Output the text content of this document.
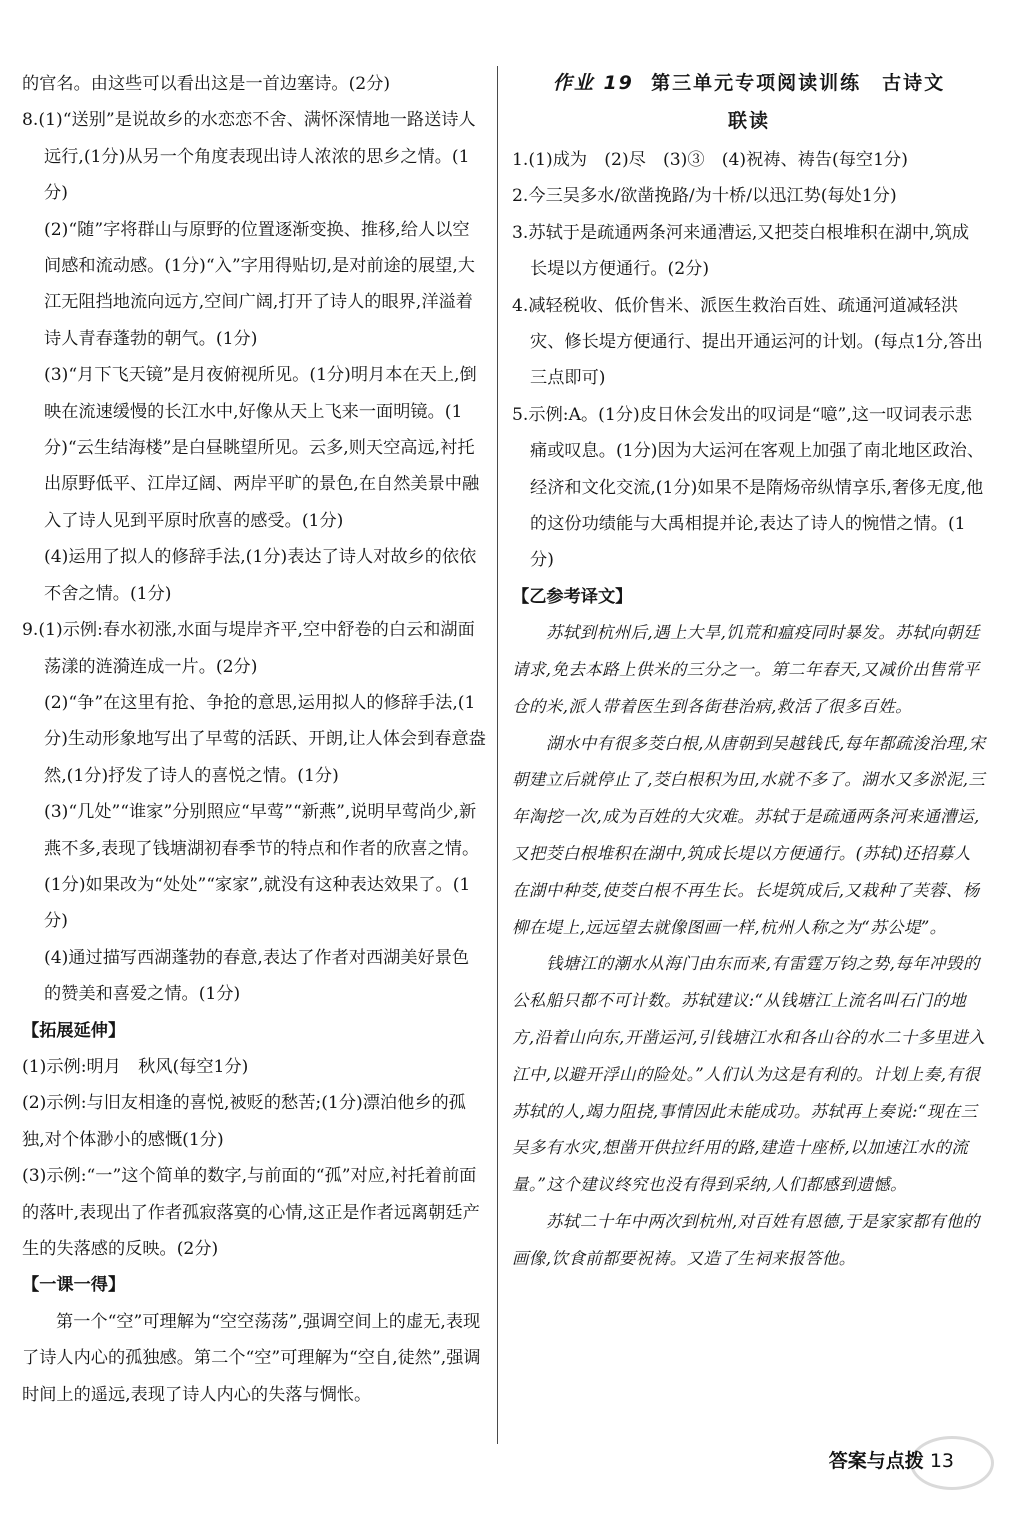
的官名。由这些可以看出这是一首边塞诗。(2分)

8.(1)“送别”是说故乡的水恋恋不舍、满怀深情地一路送诗人远行,(1分)从另一个角度表现出诗人浓浓的思乡之情。(1分)

(2)“随”字将群山与原野的位置逐渐变换、推移,给人以空间感和流动感。(1分)“入”字用得贴切,是对前途的展望,大江无阻挡地流向远方,空间广阔,打开了诗人的眼界,洋溢着诗人青春蓬勃的朝气。(1分)

(3)“月下飞天镜”是月夜俯视所见。(1分)明月本在天上,倒映在流速缓慢的长江水中,好像从天上飞来一面明镜。(1分)“云生结海楼”是白昼眺望所见。云多,则天空高远,衬托出原野低平、江岸辽阔、两岸平旷的景色,在自然美景中融入了诗人见到平原时欣喜的感受。(1分)

(4)运用了拟人的修辞手法,(1分)表达了诗人对故乡的依依不舍之情。(1分)

9.(1)示例:春水初涨,水面与堤岸齐平,空中舒卷的白云和湖面荡漾的涟漪连成一片。(2分)

(2)“争”在这里有抢、争抢的意思,运用拟人的修辞手法,(1分)生动形象地写出了早莺的活跃、开朗,让人体会到春意盎然,(1分)抒发了诗人的喜悦之情。(1分)

(3)“几处”“谁家”分别照应“早莺”“新燕”,说明早莺尚少,新燕不多,表现了钱塘湖初春季节的特点和作者的欣喜之情。(1分)如果改为“处处”“家家”,就没有这种表达效果了。(1分)

(4)通过描写西湖蓬勃的春意,表达了作者对西湖美好景色的赞美和喜爱之情。(1分)

【拓展延伸】

(1)示例:明月　秋风(每空1分)

(2)示例:与旧友相逢的喜悦,被贬的愁苦;(1分)漂泊他乡的孤独,对个体渺小的感慨(1分)

(3)示例:“一”这个简单的数字,与前面的“孤”对应,衬托着前面的落叶,表现出了作者孤寂落寞的心情,这正是作者远离朝廷产生的失落感的反映。(2分)

【一课一得】

第一个“空”可理解为“空空荡荡”,强调空间上的虚无,表现了诗人内心的孤独感。第二个“空”可理解为“空自,徒然”,强调时间上的遥远,表现了诗人内心的失落与惆怅。

作业 19 第三单元专项阅读训练　古诗文

联读

1.(1)成为　(2)尽　(3)③　(4)祝祷、祷告(每空1分)

2.今三吴多水/欲凿挽路/为十桥/以迅江势(每处1分)

3.苏轼于是疏通两条河来通漕运,又把茭白根堆积在湖中,筑成长堤以方便通行。(2分)

4.减轻税收、低价售米、派医生救治百姓、疏通河道减轻洪灾、修长堤方便通行、提出开通运河的计划。(每点1分,答出三点即可)

5.示例:A。(1分)皮日休会发出的叹词是“噫”,这一叹词表示悲痛或叹息。(1分)因为大运河在客观上加强了南北地区政治、经济和文化交流,(1分)如果不是隋炀帝纵情享乐,奢侈无度,他的这份功绩能与大禹相提并论,表达了诗人的惋惜之情。(1分)

【乙参考译文】

苏轼到杭州后,遇上大旱,饥荒和瘟疫同时暴发。苏轼向朝廷请求,免去本路上供米的三分之一。第二年春天,又减价出售常平仓的米,派人带着医生到各街巷治病,救活了很多百姓。

湖水中有很多茭白根,从唐朝到吴越钱氏,每年都疏浚治理,宋朝建立后就停止了,茭白根积为田,水就不多了。湖水又多淤泥,三年淘挖一次,成为百姓的大灾难。苏轼于是疏通两条河来通漕运,又把茭白根堆积在湖中,筑成长堤以方便通行。(苏轼)还招募人在湖中种茭,使茭白根不再生长。长堤筑成后,又栽种了芙蓉、杨柳在堤上,远远望去就像图画一样,杭州人称之为“苏公堤”。

钱塘江的潮水从海门由东而来,有雷霆万钧之势,每年冲毁的公私船只都不可计数。苏轼建议:“从钱塘江上流名叫石门的地方,沿着山向东,开凿运河,引钱塘江水和各山谷的水二十多里进入江中,以避开浮山的险处。”人们认为这是有利的。计划上奏,有很苏轼的人,竭力阻挠,事情因此未能成功。苏轼再上奏说:“现在三吴多有水灾,想凿开供拉纤用的路,建造十座桥,以加速江水的流量。”这个建议终究也没有得到采纳,人们都感到遗憾。

苏轼二十年中两次到杭州,对百姓有恩德,于是家家都有他的画像,饮食前都要祝祷。又造了生祠来报答他。

答案与点拨 13
